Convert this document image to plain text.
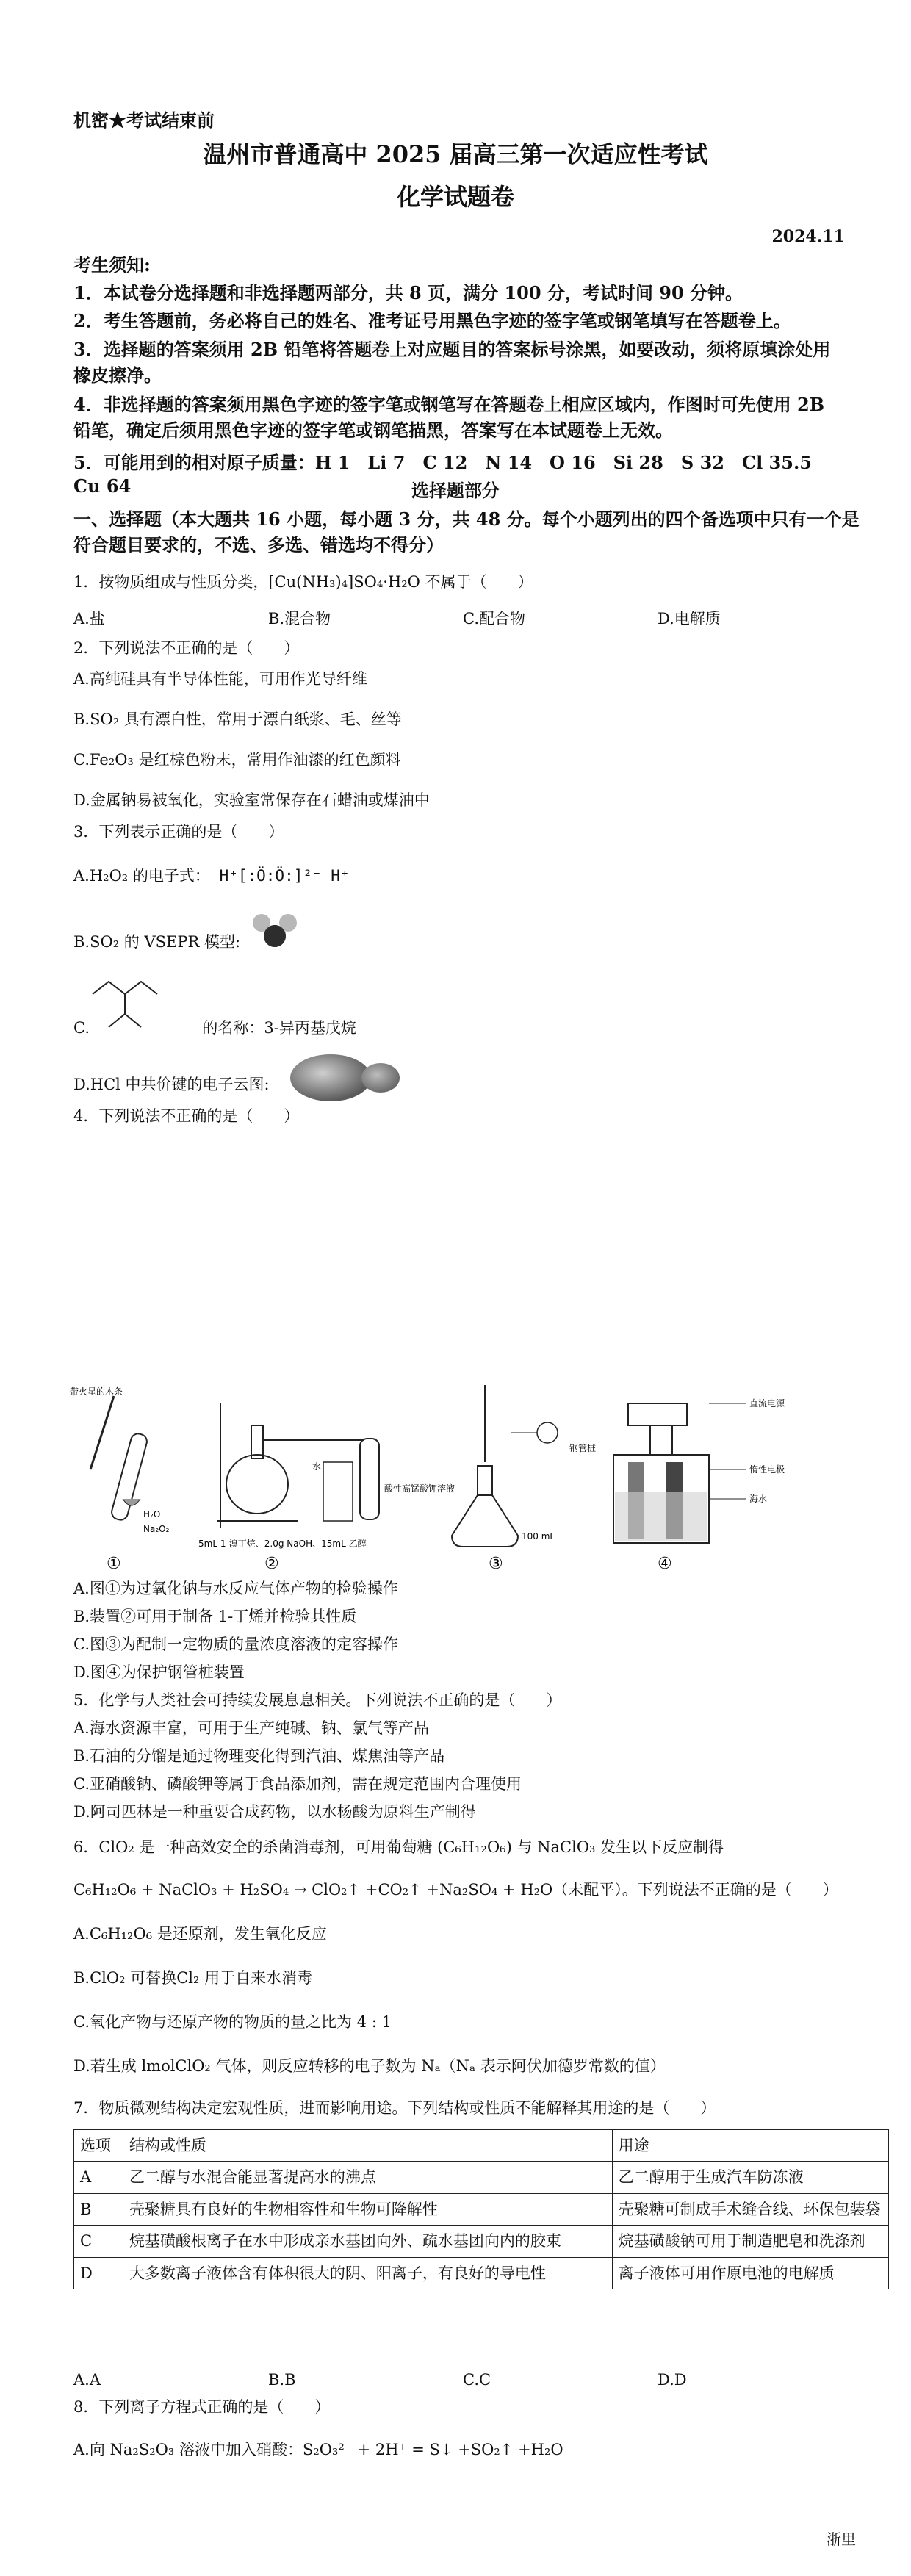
机密★考试结束前
温州市普通高中 2025 届高三第一次适应性考试
化学试题卷
2024.11
考生须知:
1．本试卷分选择题和非选择题两部分，共 8 页，满分 100 分，考试时间 90 分钟。
2．考生答题前，务必将自己的姓名、准考证号用黑色字迹的签字笔或钢笔填写在答题卷上。
3．选择题的答案须用 2B 铅笔将答题卷上对应题目的答案标号涂黑，如要改动，须将原填涂处用橡皮擦净。
4．非选择题的答案须用黑色字迹的签字笔或钢笔写在答题卷上相应区域内，作图时可先使用 2B 铅笔，确定后须用黑色字迹的签字笔或钢笔描黑，答案写在本试题卷上无效。
5．可能用到的相对原子质量：H 1　Li 7　C 12　N 14　O 16　Si 28　S 32　Cl 35.5　Cu 64	选择题部分
一、选择题（本大题共 16 小题，每小题 3 分，共 48 分。每个小题列出的四个备选项中只有一个是符合题目要求的，不选、多选、错选均不得分）
1．按物质组成与性质分类，[Cu(NH₃)₄]SO₄·H₂O 不属于（　　）
A.盐	B.混合物	C.配合物	D.电解质
2．下列说法不正确的是（　　）
A.高纯硅具有半导体性能，可用作光导纤维
B.SO₂ 具有漂白性，常用于漂白纸浆、毛、丝等
C.Fe₂O₃ 是红棕色粉末，常用作油漆的红色颜料
D.金属钠易被氧化，实验室常保存在石蜡油或煤油中
3．下列表示正确的是（　　）
A.H₂O₂ 的电子式： H⁺[:Ö:Ö:]²⁻ H⁺
B.SO₂ 的 VSEPR 模型:
C.	的名称：3-异丙基戊烷
D.HCl 中共价键的电子云图:
4．下列说法不正确的是（　　）
带火星的木条
H₂O
Na₂O₂
水
酸性高锰酸钾溶液
5mL 1-溴丁烷、2.0g NaOH、15mL 乙醇
100 mL
直流电源
钢管桩
惰性电极
海水
①	②	③	④
A.图①为过氧化钠与水反应气体产物的检验操作
B.装置②可用于制备 1-丁烯并检验其性质
C.图③为配制一定物质的量浓度溶液的定容操作
D.图④为保护钢管桩装置
5．化学与人类社会可持续发展息息相关。下列说法不正确的是（　　）
A.海水资源丰富，可用于生产纯碱、钠、氯气等产品
B.石油的分馏是通过物理变化得到汽油、煤焦油等产品
C.亚硝酸钠、磷酸钾等属于食品添加剂，需在规定范围内合理使用
D.阿司匹林是一种重要合成药物，以水杨酸为原料生产制得
6．ClO₂ 是一种高效安全的杀菌消毒剂，可用葡萄糖 (C₆H₁₂O₆) 与 NaClO₃ 发生以下反应制得
C₆H₁₂O₆ + NaClO₃ + H₂SO₄ → ClO₂↑ +CO₂↑ +Na₂SO₄ + H₂O（未配平）。下列说法不正确的是（　　）
A.C₆H₁₂O₆ 是还原剂，发生氧化反应
B.ClO₂ 可替换Cl₂ 用于自来水消毒
C.氧化产物与还原产物的物质的量之比为 4 : 1
D.若生成 lmolClO₂ 气体，则反应转移的电子数为 Nₐ（Nₐ 表示阿伏加德罗常数的值）
7．物质微观结构决定宏观性质，进而影响用途。下列结构或性质不能解释其用途的是（　　）
选项	结构或性质	用途
A	乙二醇与水混合能显著提高水的沸点	乙二醇用于生成汽车防冻液
B	壳聚糖具有良好的生物相容性和生物可降解性	壳聚糖可制成手术缝合线、环保包装袋
C	烷基磺酸根离子在水中形成亲水基团向外、疏水基团向内的胶束	烷基磺酸钠可用于制造肥皂和洗涤剂
D	大多数离子液体含有体积很大的阴、阳离子，有良好的导电性	离子液体可用作原电池的电解质
A.A	B.B	C.C	D.D
8．下列离子方程式正确的是（　　）
A.向 Na₂S₂O₃ 溶液中加入硝酸：S₂O₃²⁻ + 2H⁺ = S↓ +SO₂↑ +H₂O
浙里
